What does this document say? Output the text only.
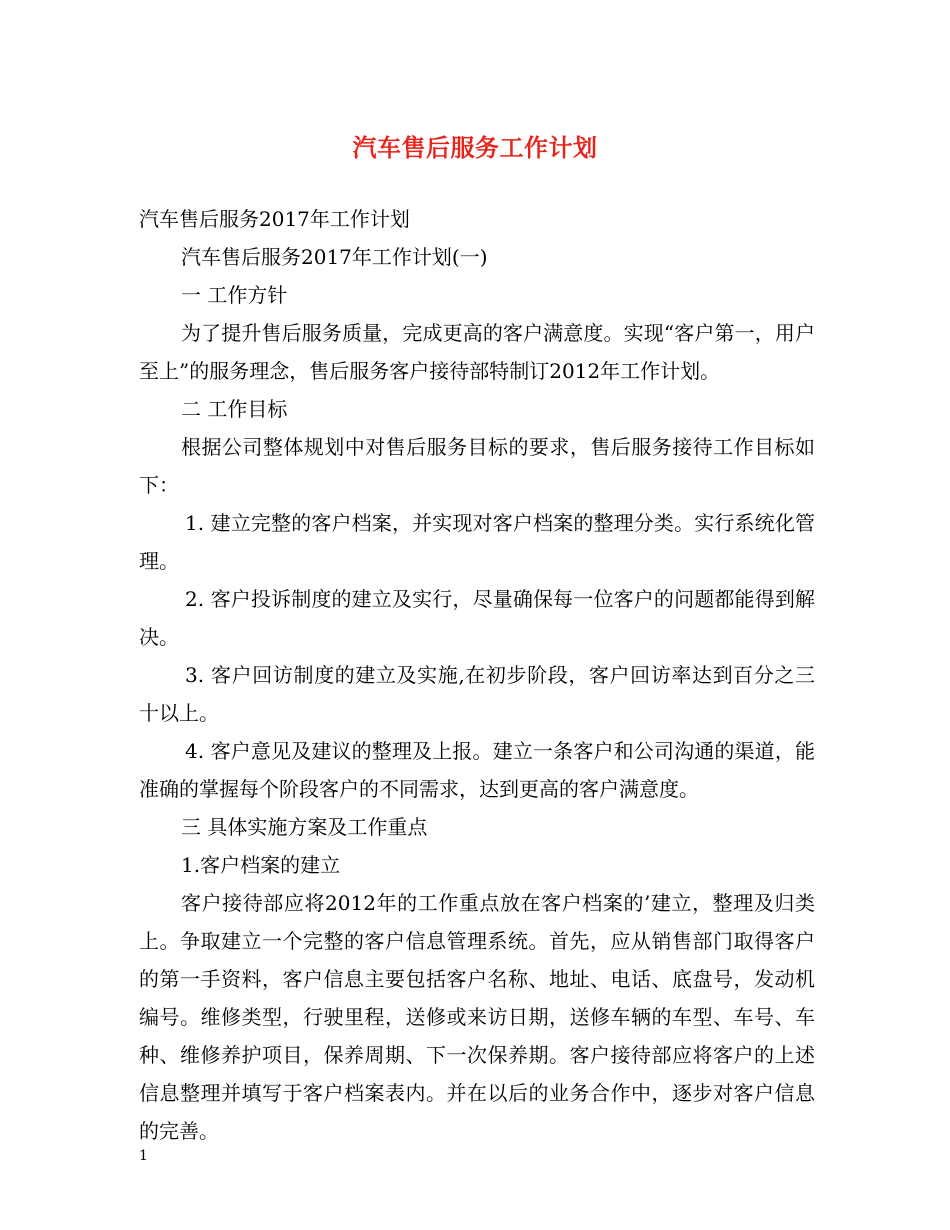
汽车售后服务工作计划

汽车售后服务2017年工作计划

汽车售后服务2017年工作计划(一)

一 工作方针

为了提升售后服务质量，完成更高的客户满意度。实现“客户第一，用户至上”的服务理念，售后服务客户接待部特制订2012年工作计划。

二 工作目标

根据公司整体规划中对售后服务目标的要求，售后服务接待工作目标如下：

1. 建立完整的客户档案，并实现对客户档案的整理分类。实行系统化管理。

2. 客户投诉制度的建立及实行，尽量确保每一位客户的问题都能得到解决。

3. 客户回访制度的建立及实施,在初步阶段，客户回访率达到百分之三十以上。

4. 客户意见及建议的整理及上报。建立一条客户和公司沟通的渠道，能准确的掌握每个阶段客户的不同需求，达到更高的客户满意度。

三 具体实施方案及工作重点

1.客户档案的建立

客户接待部应将2012年的工作重点放在客户档案的’建立，整理及归类上。争取建立一个完整的客户信息管理系统。首先，应从销售部门取得客户的第一手资料，客户信息主要包括客户名称、地址、电话、底盘号，发动机编号。维修类型，行驶里程，送修或来访日期，送修车辆的车型、车号、车种、维修养护项目，保养周期、下一次保养期。客户接待部应将客户的上述信息整理并填写于客户档案表内。并在以后的业务合作中，逐步对客户信息的完善。

1
